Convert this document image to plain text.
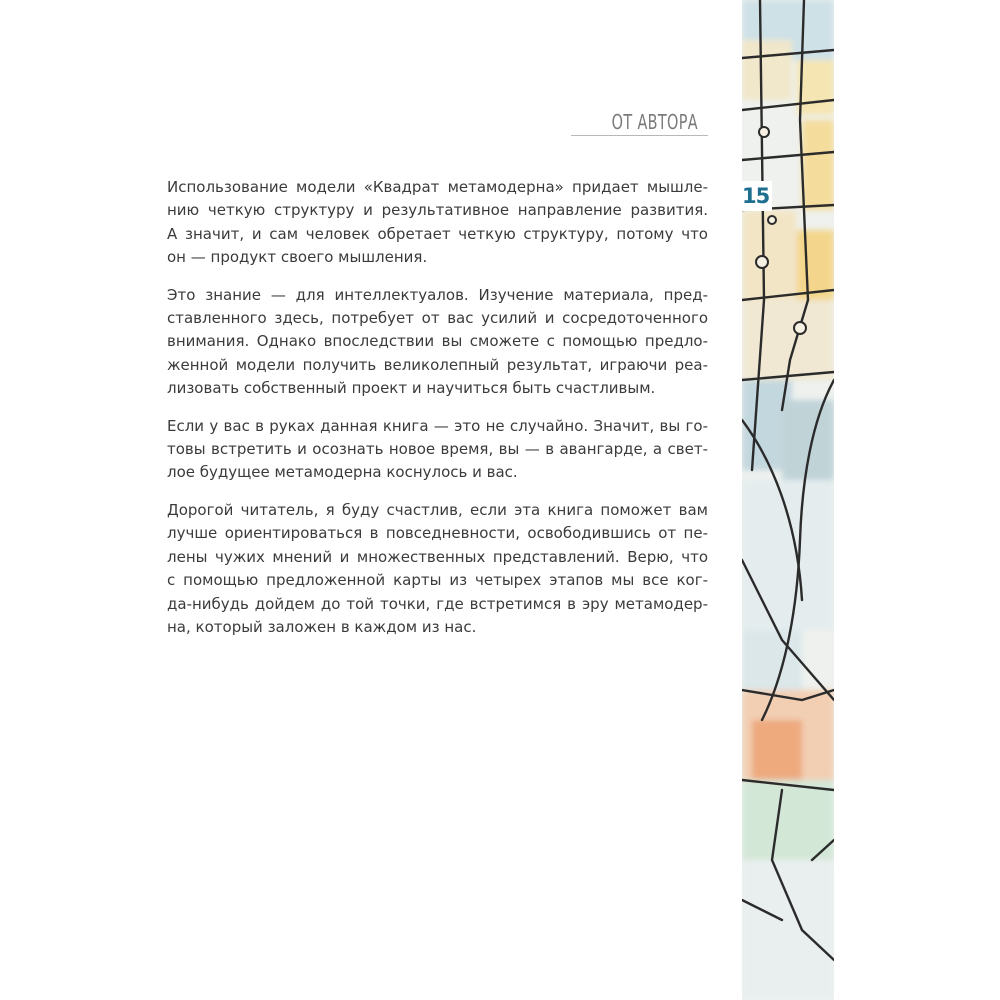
ОТ АВТОРА

Использование модели «Квадрат метамодерна» придает мышле-
нию четкую структуру и результативное направление развития.
А значит, и сам человек обретает четкую структуру, потому что
он — продукт своего мышления.

Это знание — для интеллектуалов. Изучение материала, пред-
ставленного здесь, потребует от вас усилий и сосредоточенного
внимания. Однако впоследствии вы сможете с помощью предло-
женной модели получить великолепный результат, играючи реа-
лизовать собственный проект и научиться быть счастливым.

Если у вас в руках данная книга — это не случайно. Значит, вы го-
товы встретить и осознать новое время, вы — в авангарде, а свет-
лое будущее метамодерна коснулось и вас.

Дорогой читатель, я буду счастлив, если эта книга поможет вам
лучше ориентироваться в повседневности, освободившись от пе-
лены чужих мнений и множественных представлений. Верю, что
с помощью предложенной карты из четырех этапов мы все ког-
да-нибудь дойдем до той точки, где встретимся в эру метамодер-
на, который заложен в каждом из нас.

15
